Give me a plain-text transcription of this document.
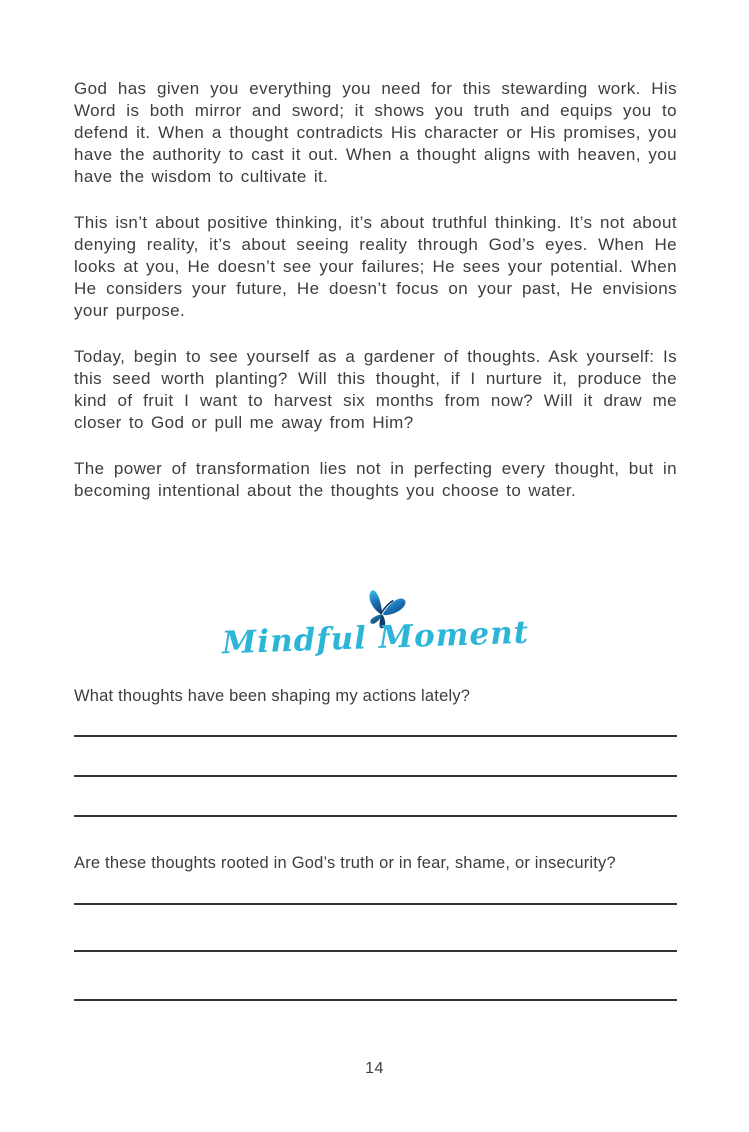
God has given you everything you need for this stewarding work. His Word is both mirror and sword; it shows you truth and equips you to defend it. When a thought contradicts His character or His promises, you have the authority to cast it out. When a thought aligns with heaven, you have the wisdom to cultivate it.

This isn’t about positive thinking, it’s about truthful thinking. It’s not about denying reality, it’s about seeing reality through God’s eyes. When He looks at you, He doesn’t see your failures; He sees your potential. When He considers your future, He doesn’t focus on your past, He envisions your purpose.

Today, begin to see yourself as a gardener of thoughts. Ask yourself: Is this seed worth planting? Will this thought, if I nurture it, produce the kind of fruit I want to harvest six months from now? Will it draw me closer to God or pull me away from Him?

The power of transformation lies not in perfecting every thought, but in becoming intentional about the thoughts you choose to water.

Mindful Moment

What thoughts have been shaping my actions lately?

Are these thoughts rooted in God’s truth or in fear, shame, or insecurity?

14
